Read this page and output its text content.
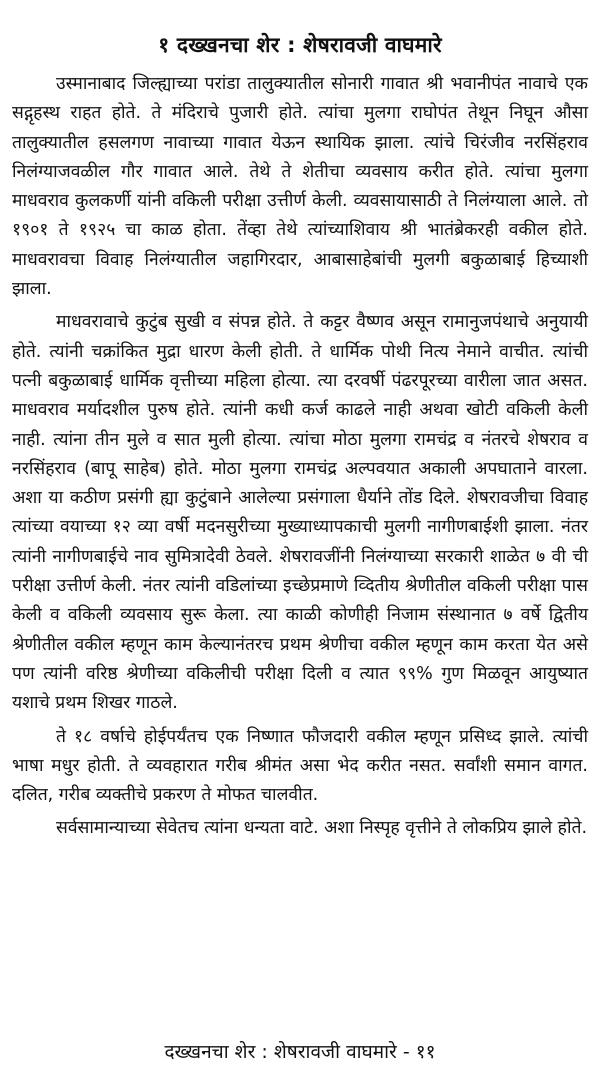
१ दख्खनचा शेर : शेषरावजी वाघमारे

उस्मानाबाद जिल्ह्याच्या परांडा तालुक्यातील सोनारी गावात श्री भवानीपंत नावाचे एक सद्गृहस्थ राहत होते. ते मंदिराचे पुजारी होते. त्यांचा मुलगा राघोपंत तेथून निघून औसा तालुक्यातील हसलगण नावाच्या गावात येऊन स्थायिक झाला. त्यांचे चिरंजीव नरसिंहराव निलंग्याजवळील गौर गावात आले. तेथे ते शेतीचा व्यवसाय करीत होते. त्यांचा मुलगा माधवराव कुलकर्णी यांनी वकिली परीक्षा उत्तीर्ण केली. व्यवसायासाठी ते निलंग्याला आले. तो १९०१ ते १९२५ चा काळ होता. तेंव्हा तेथे त्यांच्याशिवाय श्री भातंब्रेकरही वकील होते. माधवरावचा विवाह निलंग्यातील जहागिरदार, आबासाहेबांची मुलगी बकुळाबाई हिच्याशी झाला.

माधवरावाचे कुटुंब सुखी व संपन्न होते. ते कट्टर वैष्णव असून रामानुजपंथाचे अनुयायी होते. त्यांनी चक्रांकित मुद्रा धारण केली होती. ते धार्मिक पोथी नित्य नेमाने वाचीत. त्यांची पत्नी बकुळाबाई धार्मिक वृत्तीच्या महिला होत्या. त्या दरवर्षी पंढरपूरच्या वारीला जात असत. माधवराव मर्यादशील पुरुष होते. त्यांनी कधी कर्ज काढले नाही अथवा खोटी वकिली केली नाही. त्यांना तीन मुले व सात मुली होत्या. त्यांचा मोठा मुलगा रामचंद्र व नंतरचे शेषराव व नरसिंहराव (बापू साहेब) होते. मोठा मुलगा रामचंद्र अल्पवयात अकाली अपघाताने वारला. अशा या कठीण प्रसंगी ह्या कुटुंबाने आलेल्या प्रसंगाला धैर्याने तोंड दिले. शेषरावजीचा विवाह त्यांच्या वयाच्या १२ व्या वर्षी मदनसुरीच्या मुख्याध्यापकाची मुलगी नागीणबाईशी झाला. नंतर त्यांनी नागीणबाईचे नाव सुमित्रादेवी ठेवले. शेषरावजींनी निलंग्याच्या सरकारी शाळेत ७ वी ची परीक्षा उत्तीर्ण केली. नंतर त्यांनी वडिलांच्या इच्छेप्रमाणे व्दितीय श्रेणीतील वकिली परीक्षा पास केली व वकिली व्यवसाय सुरू केला. त्या काळी कोणीही निजाम संस्थानात ७ वर्षे द्वितीय श्रेणीतील वकील म्हणून काम केल्यानंतरच प्रथम श्रेणीचा वकील म्हणून काम करता येत असे पण त्यांनी वरिष्ठ श्रेणीच्या वकिलीची परीक्षा दिली व त्यात ९९% गुण मिळवून आयुष्यात यशाचे प्रथम शिखर गाठले.

ते १८ वर्षाचे होईपर्यंतच एक निष्णात फौजदारी वकील म्हणून प्रसिध्द झाले. त्यांची भाषा मधुर होती. ते व्यवहारात गरीब श्रीमंत असा भेद करीत नसत. सर्वांशी समान वागत. दलित, गरीब व्यक्तीचे प्रकरण ते मोफत चालवीत.

सर्वसामान्याच्या सेवेतच त्यांना धन्यता वाटे. अशा निस्पृह वृत्तीने ते लोकप्रिय झाले होते.

दख्खनचा शेर : शेषरावजी वाघमारे - ११
